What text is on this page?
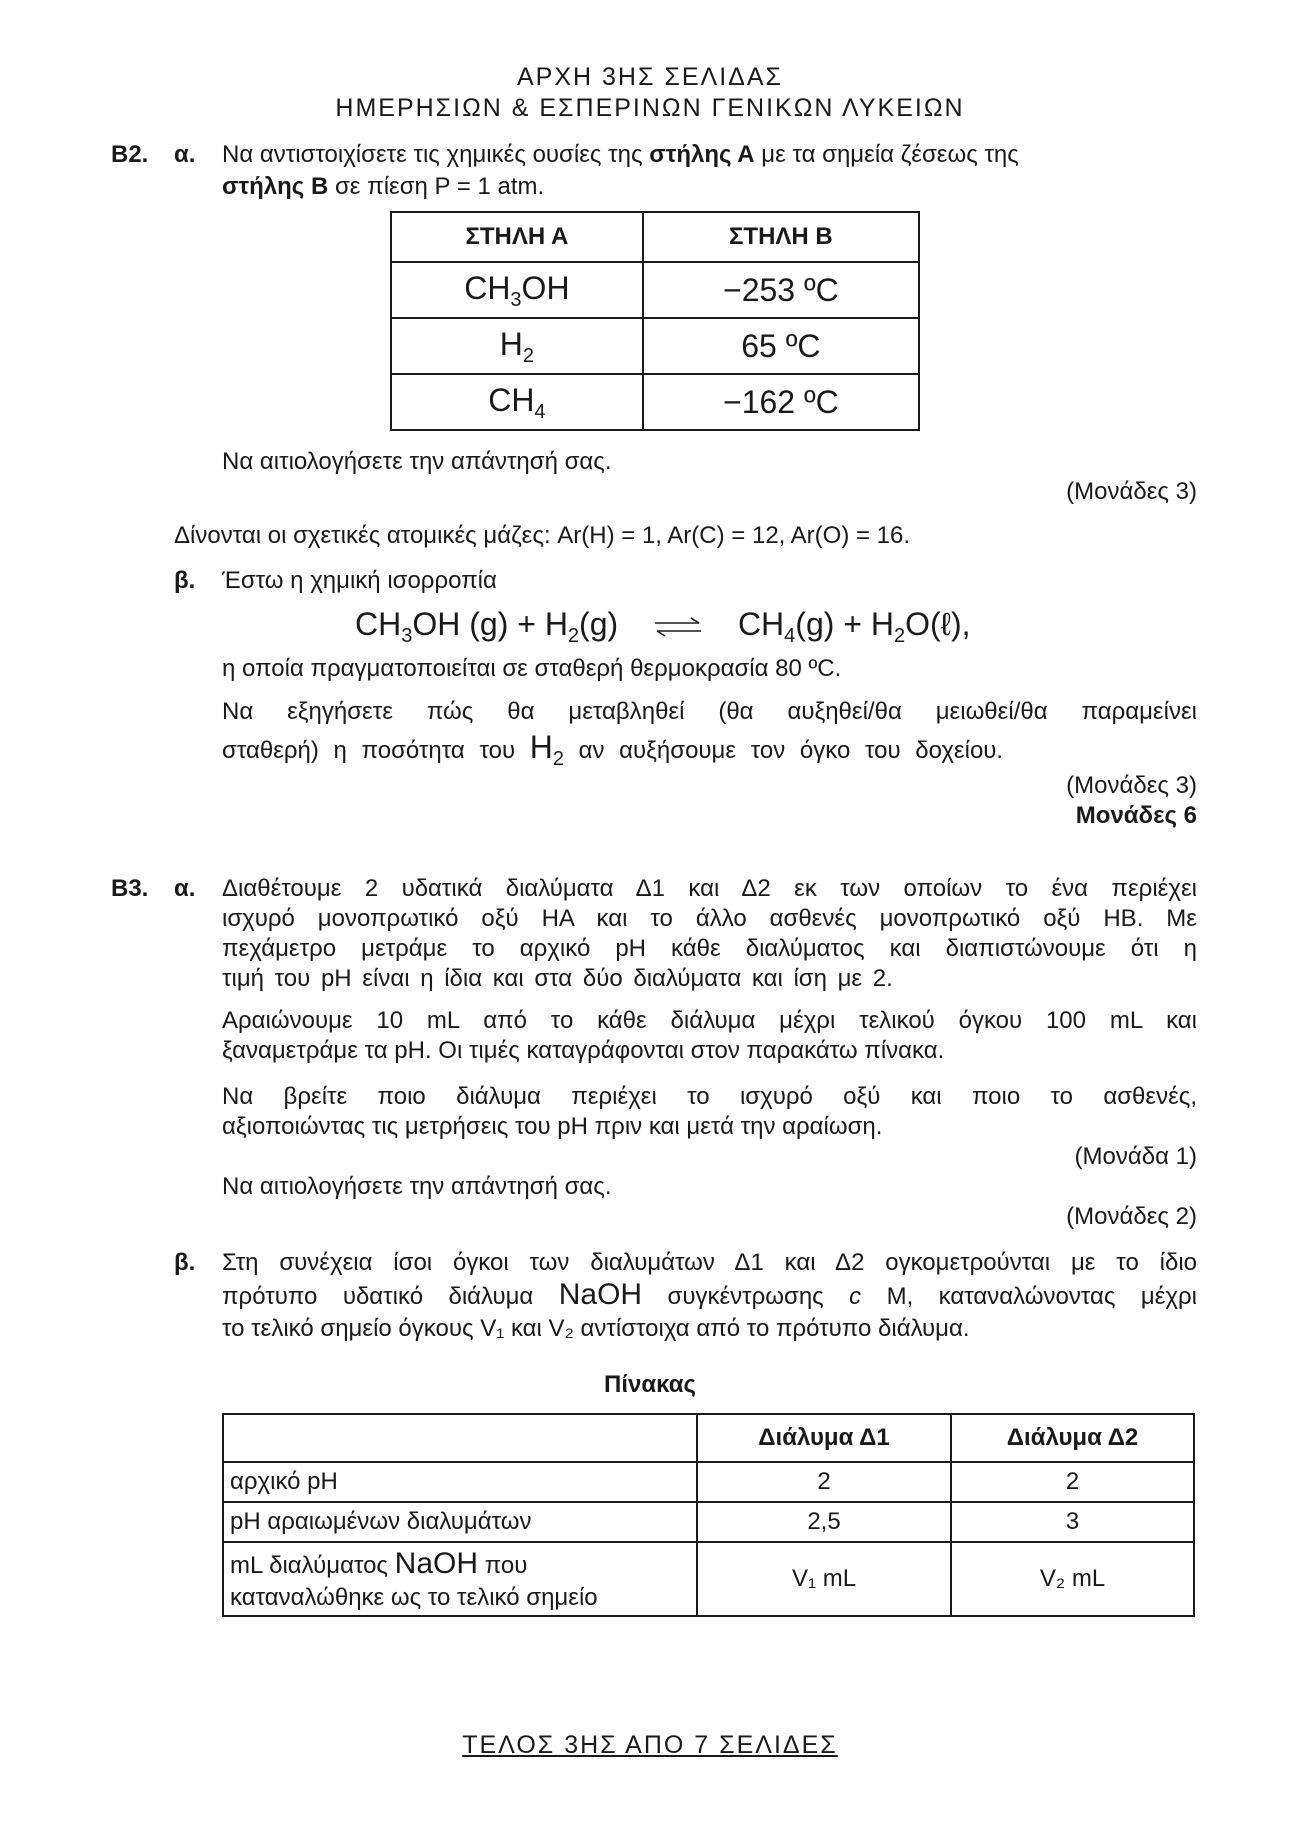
ΑΡΧΗ 3ΗΣ ΣΕΛΙΔΑΣ
ΗΜΕΡΗΣΙΩΝ & ΕΣΠΕΡΙΝΩΝ ΓΕΝΙΚΩΝ ΛΥΚΕΙΩΝ
Β2. α. Να αντιστοιχίσετε τις χημικές ουσίες της στήλης Α με τα σημεία ζέσεως της
στήλης Β σε πίεση P = 1 atm.
ΣΤΗΛΗ Α	ΣΤΗΛΗ Β
$CH_3OH$	−253 ºC
$H_2$	65 ºC
$CH_4$	−162 ºC
Να αιτιολογήσετε την απάντησή σας.
(Μονάδες 3)
Δίνονται οι σχετικές ατομικές μάζες: Ar(H) = 1, Ar(C) = 12, Ar(O) = 16.
β. Έστω η χημική ισορροπία
$CH_3OH$ $(g) + H_2(g)$ ⇌ $CH_4(g)$ + $H_2O(\ell)$,
η οποία πραγματοποιείται σε σταθερή θερμοκρασία 80 ºC.
Να εξηγήσετε πώς θα μεταβληθεί (θα αυξηθεί/θα μειωθεί/θα παραμείνει
σταθερή) η ποσότητα του $H_2$ αν αυξήσουμε τον όγκο του δοχείου.
(Μονάδες 3)
Μονάδες 6
Β3. α. Διαθέτουμε 2 υδατικά διαλύματα Δ1 και Δ2 εκ των οποίων το ένα περιέχει
ισχυρό μονοπρωτικό οξύ ΗΑ και το άλλο ασθενές μονοπρωτικό οξύ ΗΒ. Με
πεχάμετρο μετράμε το αρχικό pH κάθε διαλύματος και διαπιστώνουμε ότι η
τιμή του pH είναι η ίδια και στα δύο διαλύματα και ίση με 2.
Αραιώνουμε 10 mL από το κάθε διάλυμα μέχρι τελικού όγκου 100 mL και
ξαναμετράμε τα pH. Οι τιμές καταγράφονται στον παρακάτω πίνακα.
Να βρείτε ποιο διάλυμα περιέχει το ισχυρό οξύ και ποιο το ασθενές,
αξιοποιώντας τις μετρήσεις του pH πριν και μετά την αραίωση.
(Μονάδα 1)
Να αιτιολογήσετε την απάντησή σας.
(Μονάδες 2)
β. Στη συνέχεια ίσοι όγκοι των διαλυμάτων Δ1 και Δ2 ογκομετρούνται με το ίδιο
πρότυπο υδατικό διάλυμα NaOH συγκέντρωσης c M, καταναλώνοντας μέχρι
το τελικό σημείο όγκους V₁ και V₂ αντίστοιχα από το πρότυπο διάλυμα.
Πίνακας
	Διάλυμα Δ1	Διάλυμα Δ2
αρχικό pH	2	2
pH αραιωμένων διαλυμάτων	2,5	3

mL διαλύματος NaOH που
καταναλώθηκε ως το τελικό σημείο	V₁ mL	V₂ mL
ΤΕΛΟΣ 3ΗΣ ΑΠΟ 7 ΣΕΛΙΔΕΣ
